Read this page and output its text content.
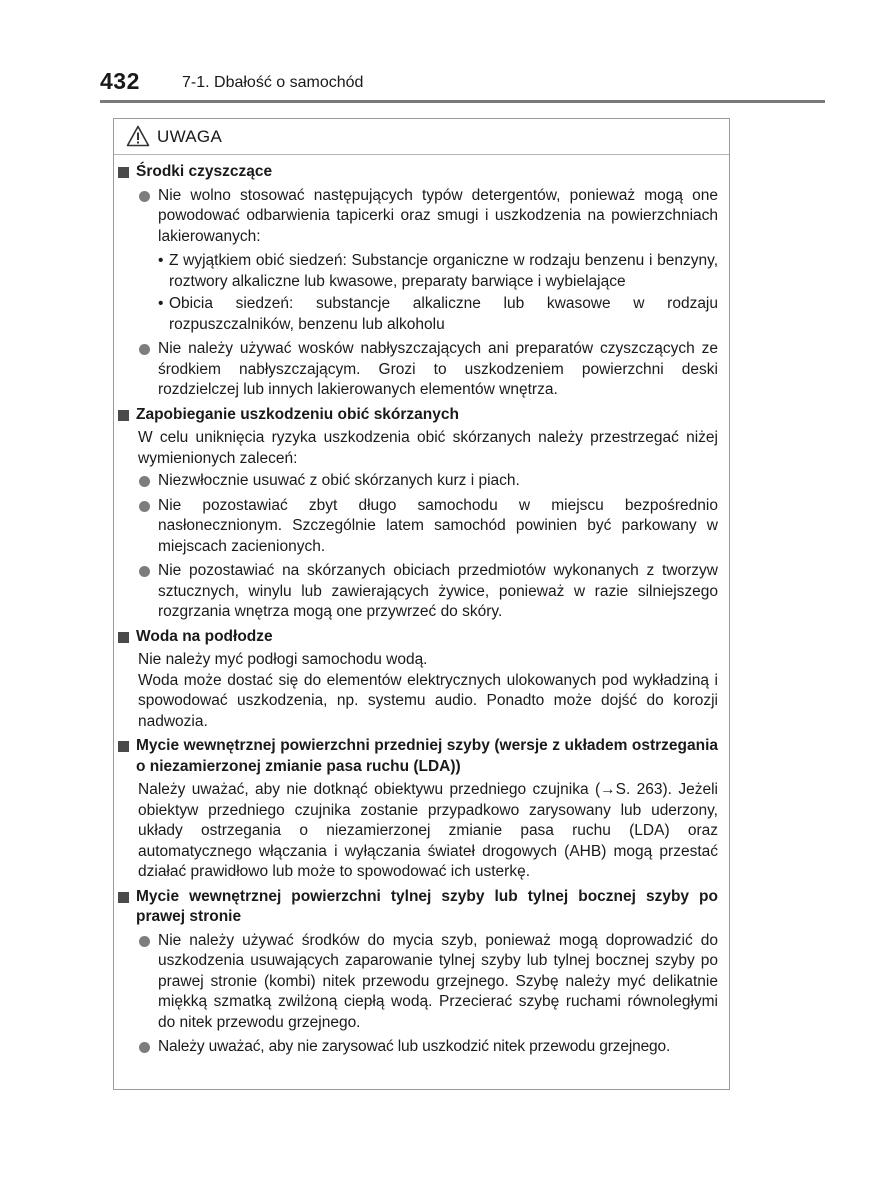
432	7-1. Dbałość o samochód
UWAGA
Środki czyszczące
Nie wolno stosować następujących typów detergentów, ponieważ mogą one powodować odbarwienia tapicerki oraz smugi i uszkodzenia na powierzchniach lakierowanych:
• Z wyjątkiem obić siedzeń: Substancje organiczne w rodzaju benzenu i benzyny, roztwory alkaliczne lub kwasowe, preparaty barwiące i wybielające
• Obicia siedzeń: substancje alkaliczne lub kwasowe w rodzaju rozpuszczalników, benzenu lub alkoholu
Nie należy używać wosków nabłyszczających ani preparatów czyszczących ze środkiem nabłyszczającym. Grozi to uszkodzeniem powierzchni deski rozdzielczej lub innych lakierowanych elementów wnętrza.
Zapobieganie uszkodzeniu obić skórzanych
W celu uniknięcia ryzyka uszkodzenia obić skórzanych należy przestrzegać niżej wymienionych zaleceń:
Niezwłocznie usuwać z obić skórzanych kurz i piach.
Nie pozostawiać zbyt długo samochodu w miejscu bezpośrednio nasłonecznionym. Szczególnie latem samochód powinien być parkowany w miejscach zacienionych.
Nie pozostawiać na skórzanych obiciach przedmiotów wykonanych z tworzyw sztucznych, winylu lub zawierających żywice, ponieważ w razie silniejszego rozgrzania wnętrza mogą one przywrzeć do skóry.
Woda na podłodze
Nie należy myć podłogi samochodu wodą.
Woda może dostać się do elementów elektrycznych ulokowanych pod wykładziną i spowodować uszkodzenia, np. systemu audio. Ponadto może dojść do korozji nadwozia.
Mycie wewnętrznej powierzchni przedniej szyby (wersje z układem ostrzegania o niezamierzonej zmianie pasa ruchu (LDA))
Należy uważać, aby nie dotknąć obiektywu przedniego czujnika (→S. 263). Jeżeli obiektyw przedniego czujnika zostanie przypadkowo zarysowany lub uderzony, układy ostrzegania o niezamierzonej zmianie pasa ruchu (LDA) oraz automatycznego włączania i wyłączania świateł drogowych (AHB) mogą przestać działać prawidłowo lub może to spowodować ich usterkę.
Mycie wewnętrznej powierzchni tylnej szyby lub tylnej bocznej szyby po prawej stronie
Nie należy używać środków do mycia szyb, ponieważ mogą doprowadzić do uszkodzenia usuwających zaparowanie tylnej szyby lub tylnej bocznej szyby po prawej stronie (kombi) nitek przewodu grzejnego. Szybę należy myć delikatnie miękką szmatką zwilżoną ciepłą wodą. Przecierać szybę ruchami równoległymi do nitek przewodu grzejnego.
Należy uważać, aby nie zarysować lub uszkodzić nitek przewodu grzejnego.
